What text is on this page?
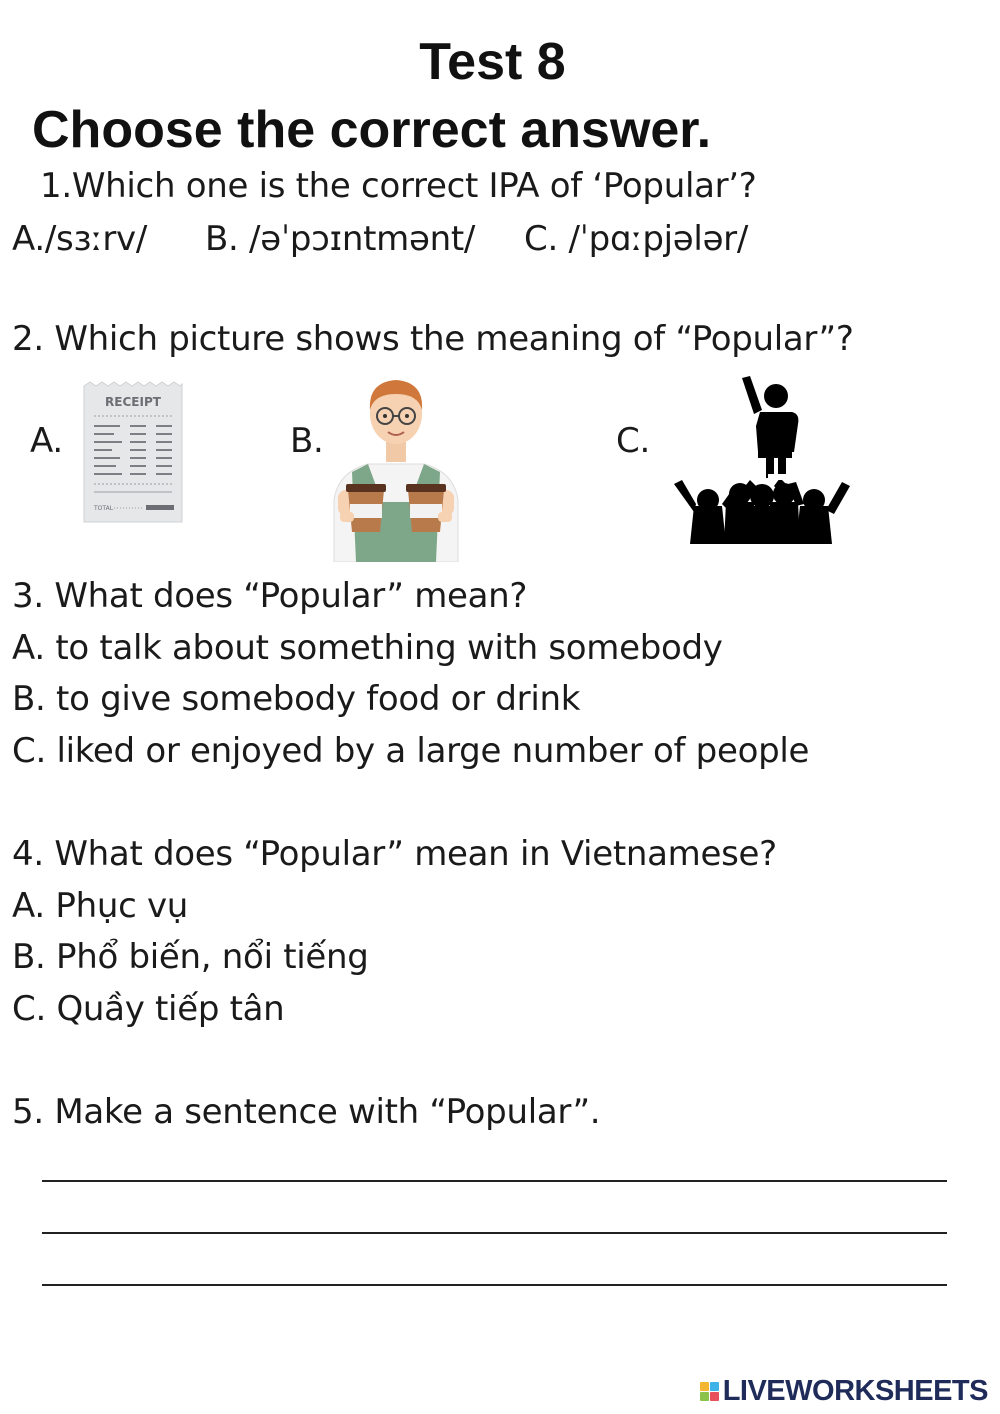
Test 8
Choose the correct answer.
1.Which one is the correct IPA of ‘Popular’?
A./sɜːrv/ B. /əˈpɔɪntmənt/ C. /ˈpɑːpjələr/
2. Which picture shows the meaning of “Popular”?
A.
RECEIPT
TOTAL
B.	C.
3. What does “Popular” mean?
A. to talk about something with somebody
B. to give somebody food or drink
C. liked or enjoyed by a large number of people
4. What does “Popular” mean in Vietnamese?
A. Phục vụ
B. Phổ biến, nổi tiếng
C. Quầy tiếp tân
5. Make a sentence with “Popular”.
LIVEWORKSHEETS
